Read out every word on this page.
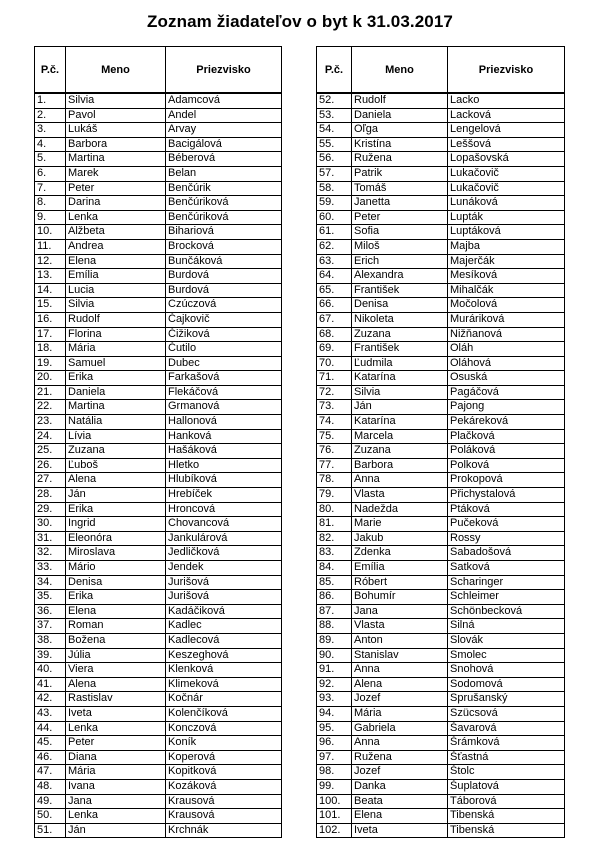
Zoznam žiadateľov o byt k 31.03.2017
P.č.	Meno	Priezvisko
1.	Silvia	Adamcová
2.	Pavol	Andel
3.	Lukáš	Arvay
4.	Barbora	Bacigálová
5.	Martina	Béberová
6.	Marek	Belan
7.	Peter	Benčúrik
8.	Darina	Benčúriková
9.	Lenka	Benčúriková
10.	Alžbeta	Bihariová
11.	Andrea	Brocková
12.	Elena	Bunčáková
13.	Emília	Burdová
14.	Lucia	Burdová
15.	Silvia	Czúczová
16.	Rudolf	Čajkovič
17.	Florina	Čižiková
18.	Mária	Čutilo
19.	Samuel	Dubec
20.	Erika	Farkašová
21.	Daniela	Flekáčová
22.	Martina	Grmanová
23.	Natália	Hallonová
24.	Lívia	Hanková
25.	Zuzana	Hašáková
26.	Ľuboš	Hletko
27.	Alena	Hlubíková
28.	Ján	Hrebíček
29.	Erika	Hroncová
30.	Ingrid	Chovancová
31.	Eleonóra	Jankulárová
32.	Miroslava	Jedličková
33.	Mário	Jendek
34.	Denisa	Jurišová
35.	Erika	Jurišová
36.	Elena	Kadáčiková
37.	Roman	Kadlec
38.	Božena	Kadlecová
39.	Júlia	Keszeghová
40.	Viera	Klenková
41.	Alena	Klimeková
42.	Rastislav	Kočnár
43.	Iveta	Kolenčíková
44.	Lenka	Konczová
45.	Peter	Koník
46.	Diana	Koperová
47.	Mária	Kopitková
48.	Ivana	Kozáková
49.	Jana	Krausová
50.	Lenka	Krausová
51.	Ján	Krchnák
P.č.	Meno	Priezvisko
52.	Rudolf	Lacko
53.	Daniela	Lacková
54.	Oľga	Lengelová
55.	Kristína	Leššová
56.	Ružena	Lopašovská
57.	Patrik	Lukačovič
58.	Tomáš	Lukačovič
59.	Janetta	Lunáková
60.	Peter	Lupták
61.	Sofia	Luptáková
62.	Miloš	Majba
63.	Erich	Majerčák
64.	Alexandra	Mesíková
65.	František	Mihalčák
66.	Denisa	Močolová
67.	Nikoleta	Muráriková
68.	Zuzana	Nižňanová
69.	František	Oláh
70.	Ľudmila	Oláhová
71.	Katarína	Osuská
72.	Silvia	Pagáčová
73.	Ján	Pajong
74.	Katarína	Pekáreková
75.	Marcela	Plačková
76.	Zuzana	Poláková
77.	Barbora	Polková
78.	Anna	Prokopová
79.	Vlasta	Přichystalová
80.	Nadežda	Ptáková
81.	Marie	Pučeková
82.	Jakub	Rossy
83.	Zdenka	Sabadošová
84.	Emília	Satková
85.	Róbert	Scharinger
86.	Bohumír	Schleimer
87.	Jana	Schönbecková
88.	Vlasta	Silná
89.	Anton	Slovák
90.	Stanislav	Smolec
91.	Anna	Snohová
92.	Alena	Sodomová
93.	Jozef	Sprušanský
94.	Mária	Szücsová
95.	Gabriela	Šavarová
96.	Anna	Šrámková
97.	Ružena	Šťastná
98.	Jozef	Štolc
99.	Danka	Šuplatová
100.	Beata	Táborová
101.	Elena	Tibenská
102.	Iveta	Tibenská
